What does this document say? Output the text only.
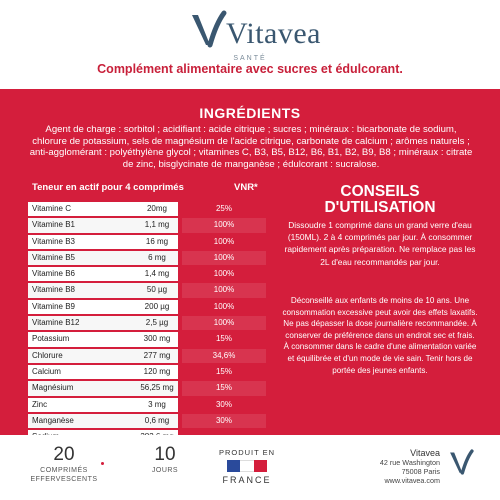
Vitavea
SANTÉ
Complément alimentaire avec sucres et édulcorant.
INGRÉDIENTS
Agent de charge : sorbitol ; acidifiant : acide citrique ; sucres ; minéraux : bicarbonate de sodium, chlorure de potassium, sels de magnésium de l'acide citrique, carbonate de calcium ; arômes naturels ; anti-agglomérant : polyéthylène glycol ; vitamines C, B3, B5, B12, B6, B1, B2, B9, B8 ; minéraux : citrate de zinc, bisglycinate de manganèse ; édulcorant : sucralose.
Teneur en actif pour 4 comprimés	VNR*
Vitamine C	20mg	25%
Vitamine B1	1,1 mg	100%
Vitamine B3	16 mg	100%
Vitamine B5	6 mg	100%
Vitamine B6	1,4 mg	100%
Vitamine B8	50 µg	100%
Vitamine B9	200 µg	100%
Vitamine B12	2,5 µg	100%
Potassium	300 mg	15%
Chlorure	277 mg	34,6%
Calcium	120 mg	15%
Magnésium	56,25 mg	15%
Zinc	3 mg	30%
Manganèse	0,6 mg	30%
CONSEILS
D'UTILISATION
Dissoudre 1 comprimé dans un grand verre d'eau (150ML). 2 à 4 comprimés par jour. À consommer rapidement après préparation. Ne remplace pas les 2L d'eau recommandés par jour.
Déconseillé aux enfants de moins de 10 ans. Une consommation excessive peut avoir des effets laxatifs. Ne pas dépasser la dose journalière recommandée. À conserver de préférence dans un endroit sec et frais. À consommer dans le cadre d'une alimentation variée et équilibrée et d'un mode de vie sain. Tenir hors de portée des jeunes enfants.
20
COMPRIMÉS
EFFERVESCENTS
10
JOURS
PRODUIT EN
FRANCE
Vitavea
42 rue Washington
75008 Paris
www.vitavea.com
